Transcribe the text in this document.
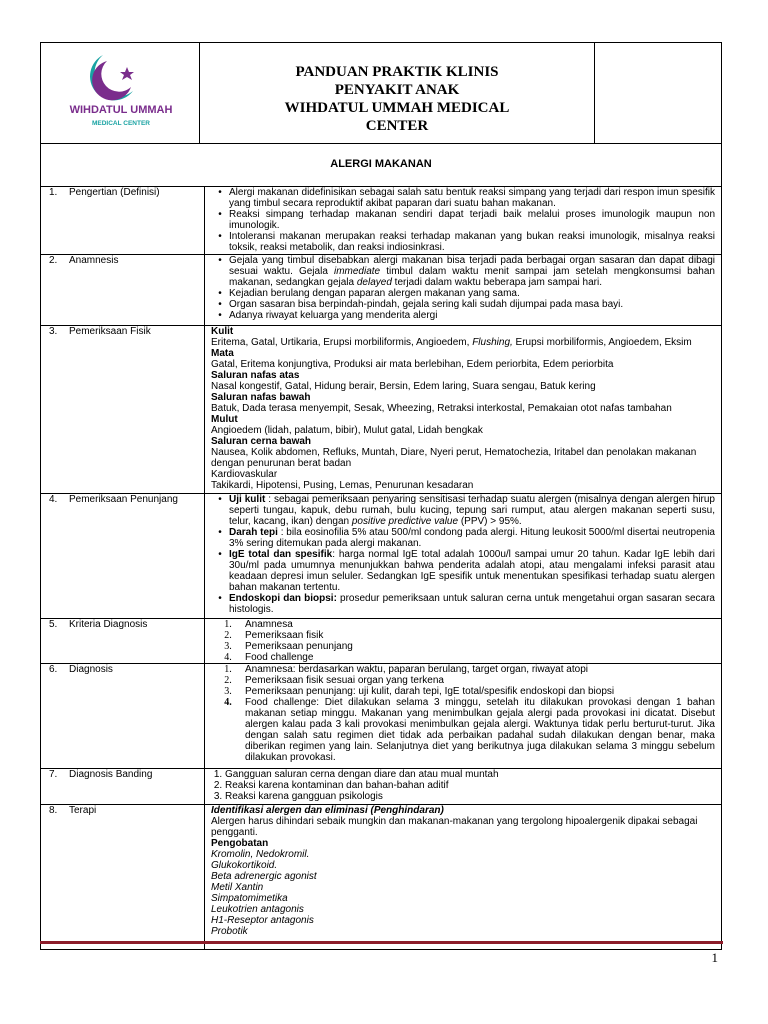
WIHDATUL UMMAH
MEDICAL CENTER
PANDUAN PRAKTIK KLINIS
PENYAKIT ANAK
WIHDATUL UMMAH MEDICAL
CENTER
ALERGI MAKANAN
1.	Pengertian (Definisi)	• Alergi makanan didefinisikan sebagai salah satu bentuk reaksi simpang yang terjadi dari respon imun spesifik yang timbul secara reproduktif akibat paparan dari suatu bahan makanan.
• Reaksi simpang terhadap makanan sendiri dapat terjadi baik melalui proses imunologik maupun non imunologik.
• Intoleransi makanan merupakan reaksi terhadap makanan yang bukan reaksi imunologik, misalnya reaksi toksik, reaksi metabolik, dan reaksi indiosinkrasi.
2.	Anamnesis	• Gejala yang timbul disebabkan alergi makanan bisa terjadi pada berbagai organ sasaran dan dapat dibagi sesuai waktu. Gejala immediate timbul dalam waktu menit sampai jam setelah mengkonsumsi bahan makanan, sedangkan gejala delayed terjadi dalam waktu beberapa jam sampai hari.
• Kejadian berulang dengan paparan alergen makanan yang sama.
• Organ sasaran bisa berpindah-pindah, gejala sering kali sudah dijumpai pada masa bayi.
• Adanya riwayat keluarga yang menderita alergi
3.	Pemeriksaan Fisik	Kulit

Eritema, Gatal, Urtikaria, Erupsi morbiliformis, Angioedem, Flushing, Erupsi morbiliformis, Angioedem, Eksim

Mata

Gatal, Eritema konjungtiva, Produksi air mata berlebihan, Edem periorbita, Edem periorbita

Saluran nafas atas

Nasal kongestif, Gatal, Hidung berair, Bersin, Edem laring, Suara sengau, Batuk kering

Saluran nafas bawah

Batuk, Dada terasa menyempit, Sesak, Wheezing, Retraksi interkostal, Pemakaian otot nafas tambahan

Mulut

Angioedem (lidah, palatum, bibir), Mulut gatal, Lidah bengkak

Saluran cerna bawah

Nausea, Kolik abdomen, Refluks, Muntah, Diare, Nyeri perut, Hematochezia, Iritabel dan penolakan makanan dengan penurunan berat badan

Kardiovaskular

Takikardi, Hipotensi, Pusing, Lemas, Penurunan kesadaran

4.	Pemeriksaan Penunjang	• Uji kulit : sebagai pemeriksaan penyaring sensitisasi terhadap suatu alergen (misalnya dengan alergen hirup seperti tungau, kapuk, debu rumah, bulu kucing, tepung sari rumput, atau alergen makanan seperti susu, telur, kacang, ikan) dengan positive predictive value (PPV) > 95%.
• Darah tepi : bila eosinofilia 5% atau 500/ml condong pada alergi. Hitung leukosit 5000/ml disertai neutropenia 3% sering ditemukan pada alergi makanan.
• IgE total dan spesifik: harga normal IgE total adalah 1000u/l sampai umur 20 tahun. Kadar IgE lebih dari 30u/ml pada umumnya menunjukkan bahwa penderita adalah atopi, atau mengalami infeksi parasit atau keadaan depresi imun seluler. Sedangkan IgE spesifik untuk menentukan spesifikasi terhadap suatu alergen bahan makanan tertentu.
• Endoskopi dan biopsi: prosedur pemeriksaan untuk saluran cerna untuk mengetahui organ sasaran secara histologis.
5.	Kriteria Diagnosis	1.	Anamnesa
2.	Pemeriksaan fisik
3.	Pemeriksaan penunjang
4.	Food challenge
6.	Diagnosis	1.	Anamnesa: berdasarkan waktu, paparan berulang, target organ, riwayat atopi
2.	Pemeriksaan fisik sesuai organ yang terkena
3.	Pemeriksaan penunjang: uji kulit, darah tepi, IgE total/spesifik endoskopi dan biopsi
4.	Food challenge: Diet dilakukan selama 3 minggu, setelah itu dilakukan provokasi dengan 1 bahan makanan setiap minggu. Makanan yang menimbulkan gejala alergi pada provokasi ini dicatat. Disebut alergen kalau pada 3 kali provokasi menimbulkan gejala alergi. Waktunya tidak perlu berturut-turut. Jika dengan salah satu regimen diet tidak ada perbaikan padahal sudah dilakukan dengan benar, maka diberikan regimen yang lain. Selanjutnya diet yang berikutnya juga dilakukan selama 3 minggu sebelum dilakukan provokasi.
7.	Diagnosis Banding	1. Gangguan saluran cerna dengan diare dan atau mual muntah
2. Reaksi karena kontaminan dan bahan-bahan aditif
3. Reaksi karena gangguan psikologis
8.	Terapi	Identifikasi alergen dan eliminasi (Penghindaran)

Alergen harus dihindari sebaik mungkin dan makanan-makanan yang tergolong hipoalergenik dipakai sebagai pengganti.

Pengobatan

Kromolin, Nedokromil.

Glukokortikoid.

Beta adrenergic agonist

Metil Xantin

Simpatomimetika

Leukotrien antagonis

H1-Reseptor antagonis

Probotik

1
